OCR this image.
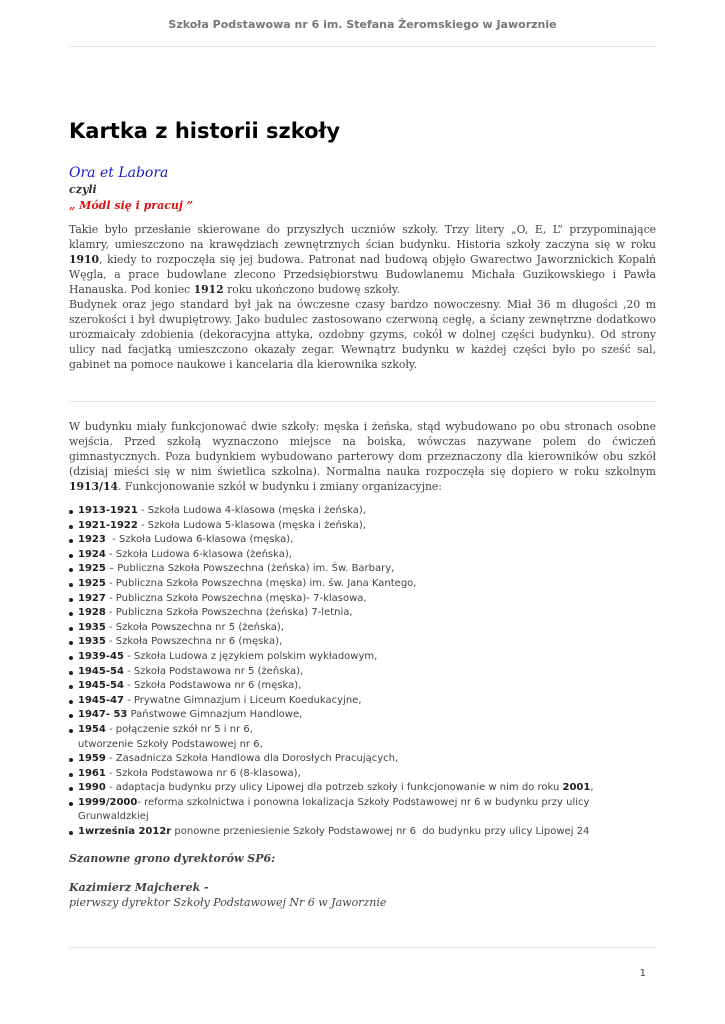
Szkoła Podstawowa nr 6 im. Stefana Żeromskiego w Jaworznie
Kartka z historii szkoły
Ora et Labora
czyli
„ Módl się i pracuj ”

Takie było przesłanie skierowane do przyszłych uczniów szkoły. Trzy litery „O, E, L” przypominające klamry, umieszczono na krawędziach zewnętrznych ścian budynku. Historia szkoły zaczyna się w roku 1910, kiedy to rozpoczęła się jej budowa. Patronat nad budową objęło Gwarectwo Jaworznickich Kopalń Węgla, a prace budowlane zlecono Przedsiębiorstwu Budowlanemu Michała Guzikowskiego i Pawła Hanauska. Pod koniec 1912 roku ukończono budowę szkoły.

Budynek oraz jego standard był jak na ówczesne czasy bardzo nowoczesny. Miał 36 m długości ,20 m szerokości i był dwupiętrowy. Jako budulec zastosowano czerwoną cegłę, a ściany zewnętrzne dodatkowo urozmaicały zdobienia (dekoracyjna attyka, ozdobny gzyms, cokół w dolnej części budynku). Od strony ulicy nad facjatką umieszczono okazały zegar. Wewnątrz budynku w każdej części było po sześć sal, gabinet na pomoce naukowe i kancelaria dla kierownika szkoły.

W budynku miały funkcjonować dwie szkoły: męska i żeńska, stąd wybudowano po obu stronach osobne wejścia. Przed szkołą wyznaczono miejsce na boiska, wówczas nazywane polem do ćwiczeń gimnastycznych. Poza budynkiem wybudowano parterowy dom przeznaczony dla kierowników obu szkół (dzisiaj mieści się w nim świetlica szkolna). Normalna nauka rozpoczęła się dopiero w roku szkolnym 1913/14. Funkcjonowanie szkół w budynku i zmiany organizacyjne:

1913-1921 - Szkoła Ludowa 4-klasowa (męska i żeńska),
1921-1922 - Szkoła Ludowa 5-klasowa (męska i żeńska),
1923  - Szkoła Ludowa 6-klasowa (męska),
1924 - Szkoła Ludowa 6-klasowa (żeńska),
1925 – Publiczna Szkoła Powszechna (żeńska) im. Św. Barbary,
1925 - Publiczna Szkoła Powszechna (męska) im. św. Jana Kantego,
1927 - Publiczna Szkoła Powszechna (męska)- 7-klasowa,
1928 - Publiczna Szkoła Powszechna (żeńska) 7-letnia,
1935 - Szkoła Powszechna nr 5 (żeńska),
1935 - Szkoła Powszechna nr 6 (męska),
1939-45 - Szkoła Ludowa z językiem polskim wykładowym,
1945-54 - Szkoła Podstawowa nr 5 (żeńska),
1945-54 - Szkoła Podstawowa nr 6 (męska),
1945-47 - Prywatne Gimnazjum i Liceum Koedukacyjne,
1947- 53 Państwowe Gimnazjum Handlowe,
1954 - połączenie szkół nr 5 i nr 6,
utworzenie Szkoły Podstawowej nr 6,
1959 - Zasadnicza Szkoła Handlowa dla Dorosłych Pracujących,
1961 - Szkoła Podstawowa nr 6 (8-klasowa),
1990 - adaptacja budynku przy ulicy Lipowej dla potrzeb szkoły i funkcjonowanie w nim do roku 2001,
1999/2000- reforma szkolnictwa i ponowna lokalizacja Szkoły Podstawowej nr 6 w budynku przy ulicy Grunwaldzkiej
1września 2012r ponowne przeniesienie Szkoły Podstawowej nr 6  do budynku przy ulicy Lipowej 24
Szanowne grono dyrektorów SP6:
Kazimierz Majcherek -
pierwszy dyrektor Szkoły Podstawowej Nr 6 w Jaworznie
1
